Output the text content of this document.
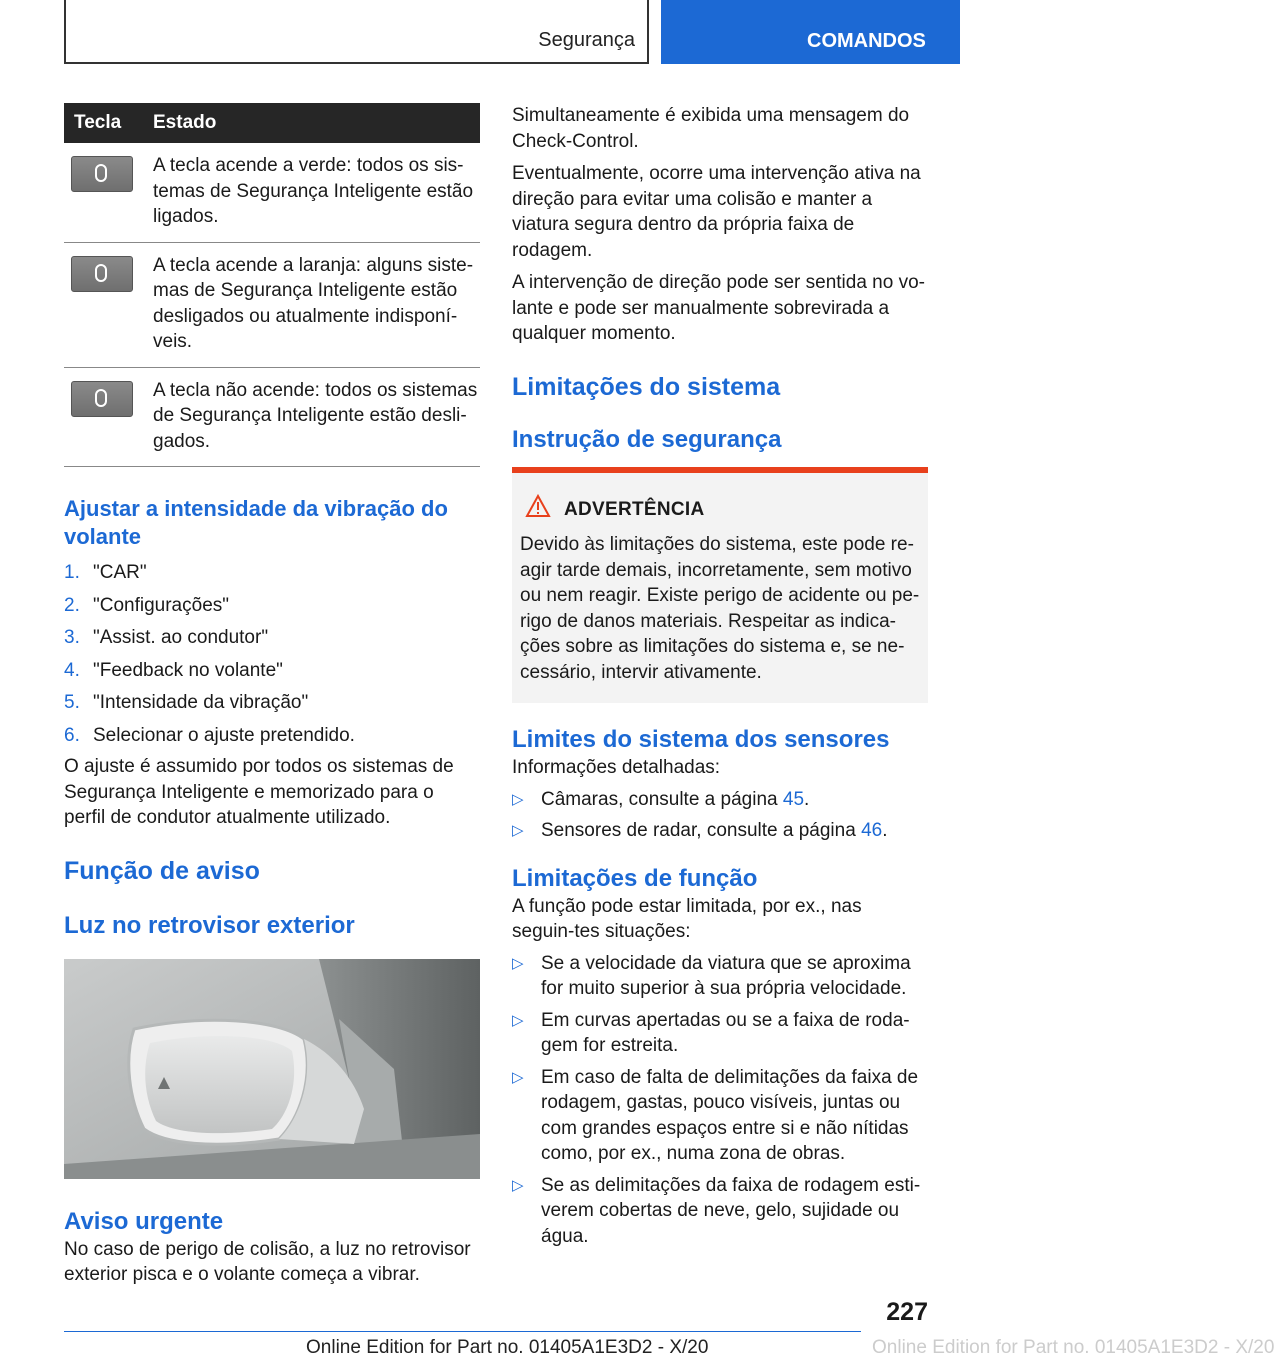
Segurança	COMANDOS
Tecla	Estado

	A tecla acende a verde: todos os sis-temas de Segurança Inteligente estão ligados.

	A tecla acende a laranja: alguns siste-mas de Segurança Inteligente estão desligados ou atualmente indisponí-veis.

	A tecla não acende: todos os sistemas de Segurança Inteligente estão desli-gados.
Ajustar a intensidade da vibração do volante
1. "CAR"
2. "Configurações"
3. "Assist. ao condutor"
4. "Feedback no volante"
5. "Intensidade da vibração"
6. Selecionar o ajuste pretendido.

O ajuste é assumido por todos os sistemas de Segurança Inteligente e memorizado para o perfil de condutor atualmente utilizado.

Função de aviso
Luz no retrovisor exterior
Aviso urgente

No caso de perigo de colisão, a luz no retrovisor exterior pisca e o volante começa a vibrar.

Simultaneamente é exibida uma mensagem do Check-Control.

Eventualmente, ocorre uma intervenção ativa na direção para evitar uma colisão e manter a viatura segura dentro da própria faixa de rodagem.

A intervenção de direção pode ser sentida no vo-lante e pode ser manualmente sobrevirada a qualquer momento.

Limitações do sistema
Instrução de segurança
ADVERTÊNCIA

Devido às limitações do sistema, este pode re-agir tarde demais, incorretamente, sem motivo ou nem reagir. Existe perigo de acidente ou pe-rigo de danos materiais. Respeitar as indica-ções sobre as limitações do sistema e, se ne-cessário, intervir ativamente.

Limites do sistema dos sensores

Informações detalhadas:

▷ Câmaras, consulte a página 45.
▷ Sensores de radar, consulte a página 46.
Limitações de função

A função pode estar limitada, por ex., nas seguin-tes situações:

▷ Se a velocidade da viatura que se aproxima for muito superior à sua própria velocidade.
▷ Em curvas apertadas ou se a faixa de roda-gem for estreita.
▷ Em caso de falta de delimitações da faixa de rodagem, gastas, pouco visíveis, juntas ou com grandes espaços entre si e não nítidas como, por ex., numa zona de obras.
▷ Se as delimitações da faixa de rodagem esti-verem cobertas de neve, gelo, sujidade ou água.
227
Online Edition for Part no. 01405A1E3D2 - X/20	Online Edition for Part no. 01405A1E3D2 - X/20
